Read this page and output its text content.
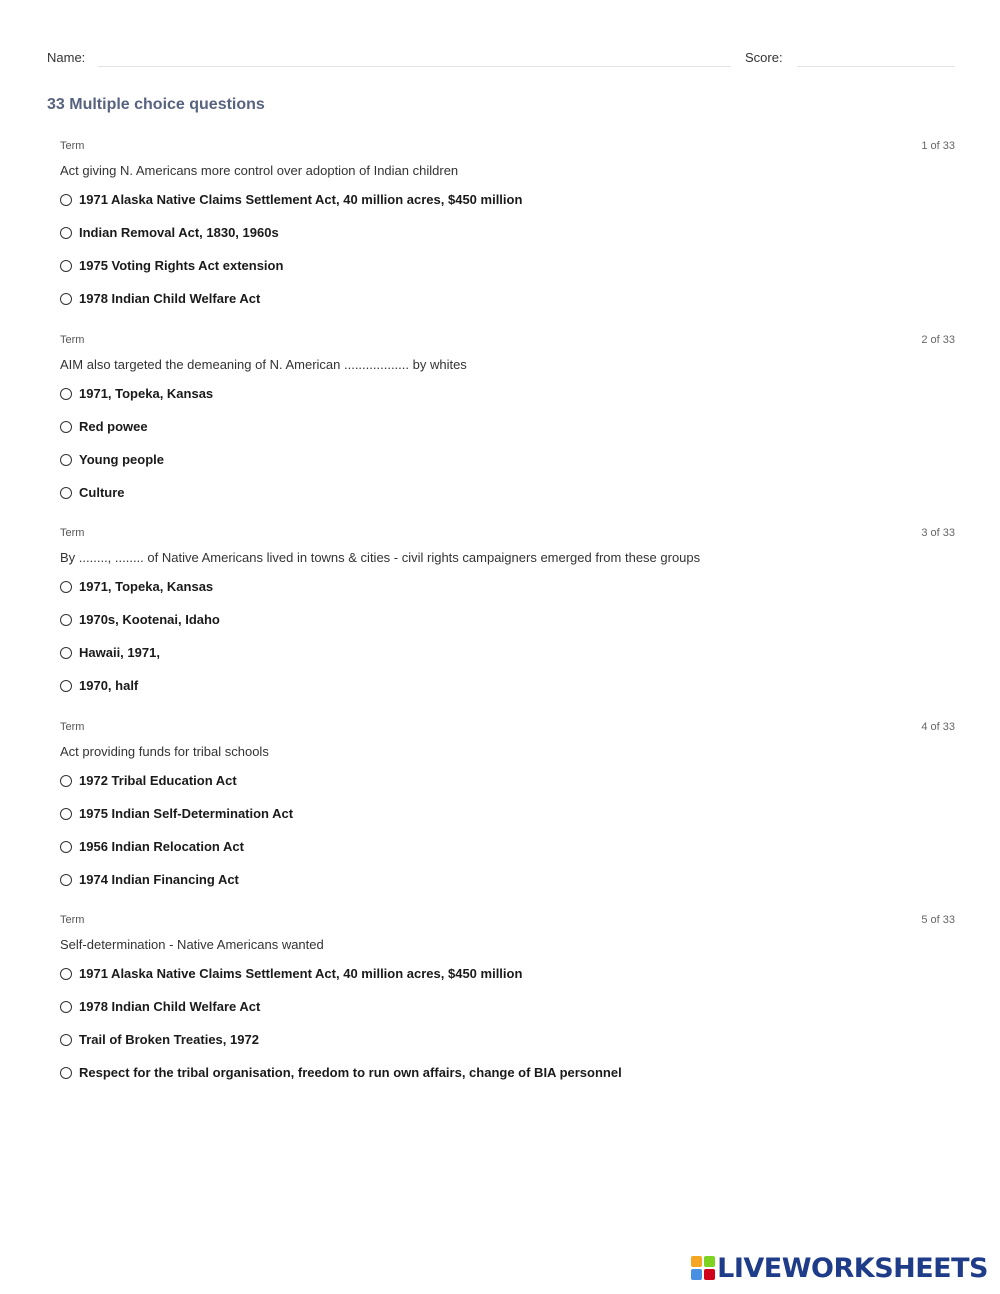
Name:	Score:
33 Multiple choice questions
Term	1 of 33
Act giving N. Americans more control over adoption of Indian children
1971 Alaska Native Claims Settlement Act, 40 million acres, $450 million
Indian Removal Act, 1830, 1960s
1975 Voting Rights Act extension
1978 Indian Child Welfare Act
Term	2 of 33
AIM also targeted the demeaning of N. American .................. by whites
1971, Topeka, Kansas
Red powee
Young people
Culture
Term	3 of 33
By ........, ........ of Native Americans lived in towns & cities - civil rights campaigners emerged from these groups
1971, Topeka, Kansas
1970s, Kootenai, Idaho
Hawaii, 1971,
1970, half
Term	4 of 33
Act providing funds for tribal schools
1972 Tribal Education Act
1975 Indian Self-Determination Act
1956 Indian Relocation Act
1974 Indian Financing Act
Term	5 of 33
Self-determination - Native Americans wanted
1971 Alaska Native Claims Settlement Act, 40 million acres, $450 million
1978 Indian Child Welfare Act
Trail of Broken Treaties, 1972
Respect for the tribal organisation, freedom to run own affairs, change of BIA personnel
LIVEWORKSHEETS
